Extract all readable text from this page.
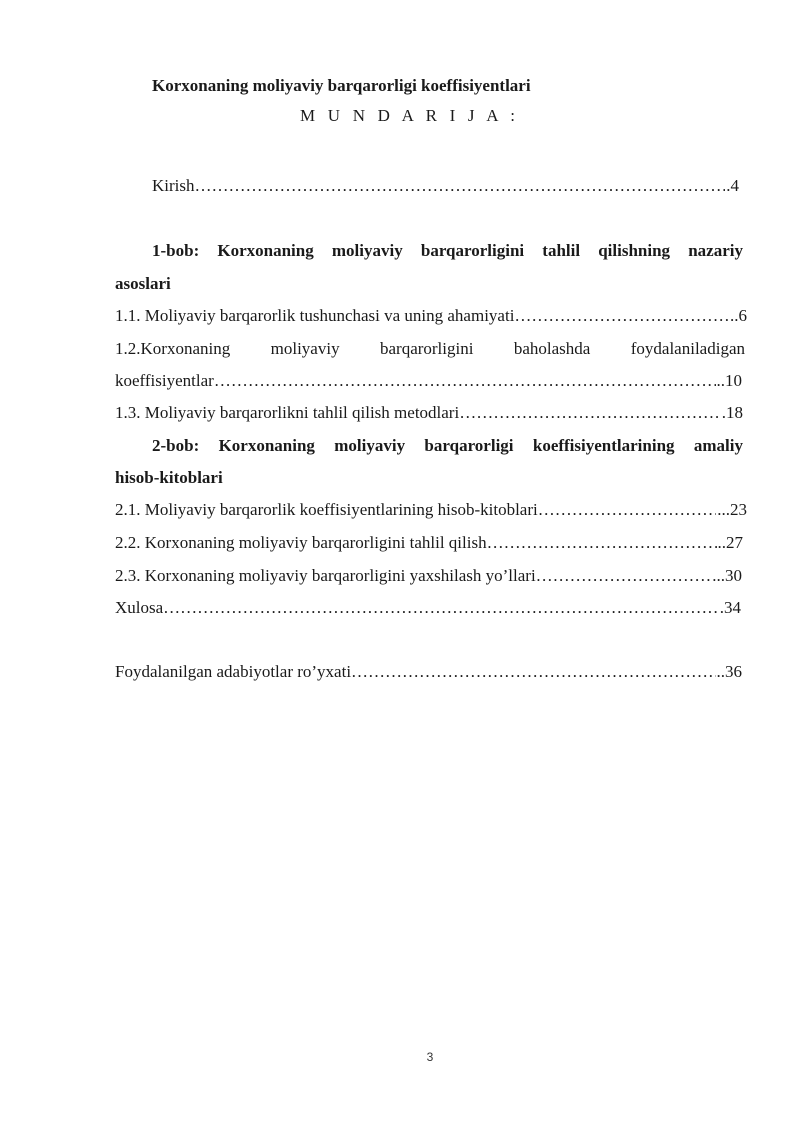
Korxonaning moliyaviy barqarorligi koeffisiyentlari
M U N D A R I J A :
Kirish …………………………………………………………………………………………………………………………………………………………………………………………………………………………………………	.4
1-bob: Korxonaning moliyaviy barqarorligini tahlil qilishning nazariy
asoslari
1.1. Moliyaviy barqarorlik tushunchasi va uning ahamiyati …………………………………………………………………………………………………………………………………………………………………………………………………………………………………………	..6
1.2.Korxonaning moliyaviy barqarorligini baholashda foydalaniladigan
koeffisiyentlar …………………………………………………………………………………………………………………………………………………………………………………………………………………………………………	..10
1.3. Moliyaviy barqarorlikni tahlil qilish metodlari …………………………………………………………………………………………………………………………………………………………………………………………………………………………………………	.18
2-bob: Korxonaning moliyaviy barqarorligi koeffisiyentlarining amaliy
hisob-kitoblari
2.1. Moliyaviy barqarorlik koeffisiyentlarining hisob-kitoblari …………………………………………………………………………………………………………………………………………………………………………………………………………………………………………	...23
2.2. Korxonaning moliyaviy barqarorligini tahlil qilish …………………………………………………………………………………………………………………………………………………………………………………………………………………………………………	..27
2.3. Korxonaning moliyaviy barqarorligini yaxshilash yo’llari …………………………………………………………………………………………………………………………………………………………………………………………………………………………………………	...30
Xulosa …………………………………………………………………………………………………………………………………………………………………………………………………………………………………………	.34
Foydalanilgan adabiyotlar ro’yxati …………………………………………………………………………………………………………………………………………………………………………………………………………………………………………	..36
3
